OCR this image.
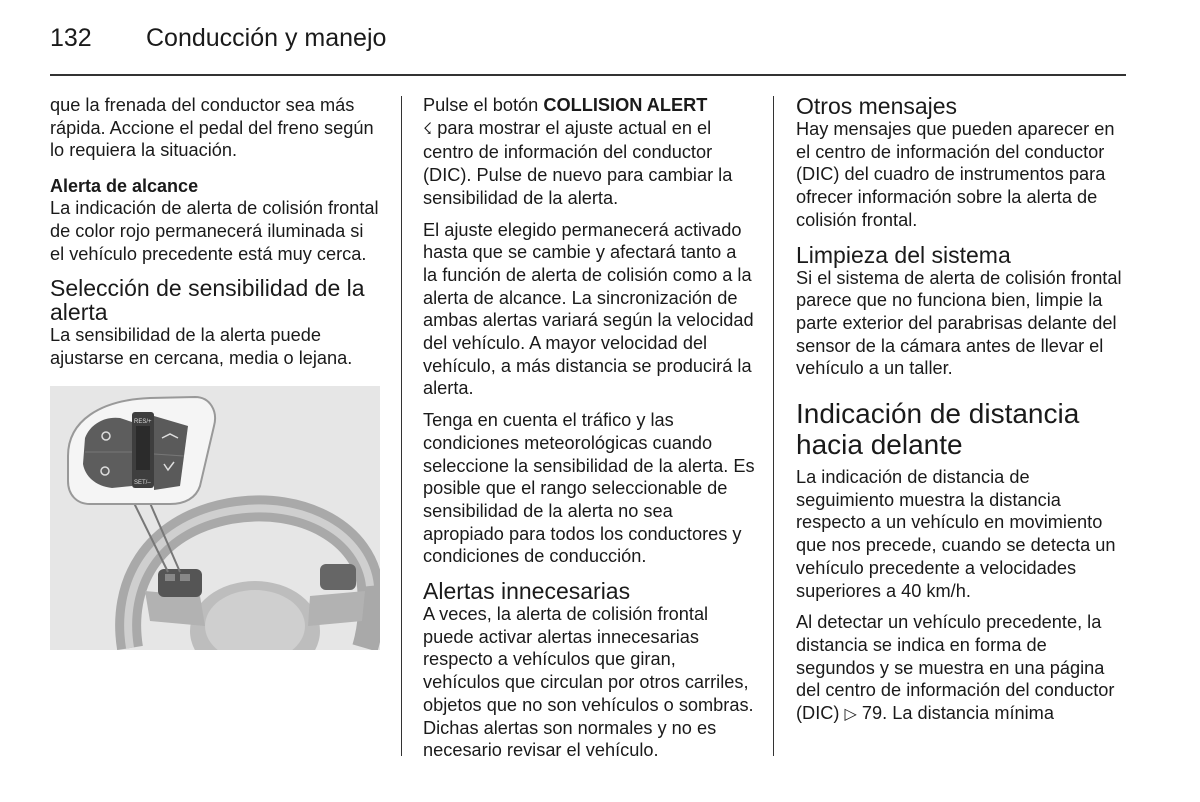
132 Conducción y manejo

que la frenada del conductor sea más rápida. Accione el pedal del freno según lo requiera la situación.

Alerta de alcance

La indicación de alerta de colisión frontal de color rojo permanecerá iluminada si el vehículo precedente está muy cerca.

Selección de sensibilidad de la alerta

La sensibilidad de la alerta puede ajustarse en cercana, media o lejana.

RES/+
SET/–

Pulse el botón COLLISION ALERT
☇ para mostrar el ajuste actual en el centro de información del conductor (DIC). Pulse de nuevo para cambiar la sensibilidad de la alerta.

El ajuste elegido permanecerá activado hasta que se cambie y afectará tanto a la función de alerta de colisión como a la alerta de alcance. La sincronización de ambas alertas variará según la velocidad del vehículo. A mayor velocidad del vehículo, a más distancia se producirá la alerta.

Tenga en cuenta el tráfico y las condiciones meteorológicas cuando seleccione la sensibilidad de la alerta. Es posible que el rango seleccionable de sensibilidad de la alerta no sea apropiado para todos los conductores y condiciones de conducción.

Alertas innecesarias

A veces, la alerta de colisión frontal puede activar alertas innecesarias respecto a vehículos que giran, vehículos que circulan por otros carriles, objetos que no son vehículos o sombras. Dichas alertas son normales y no es necesario revisar el vehículo.

Otros mensajes

Hay mensajes que pueden aparecer en el centro de información del conductor (DIC) del cuadro de instrumentos para ofrecer información sobre la alerta de colisión frontal.

Limpieza del sistema

Si el sistema de alerta de colisión frontal parece que no funciona bien, limpie la parte exterior del parabrisas delante del sensor de la cámara antes de llevar el vehículo a un taller.

Indicación de distancia hacia delante

La indicación de distancia de seguimiento muestra la distancia respecto a un vehículo en movimiento que nos precede, cuando se detecta un vehículo precedente a velocidades superiores a 40 km/h.

Al detectar un vehículo precedente, la distancia se indica en forma de segundos y se muestra en una página del centro de información del conductor (DIC) ▷ 79. La distancia mínima
